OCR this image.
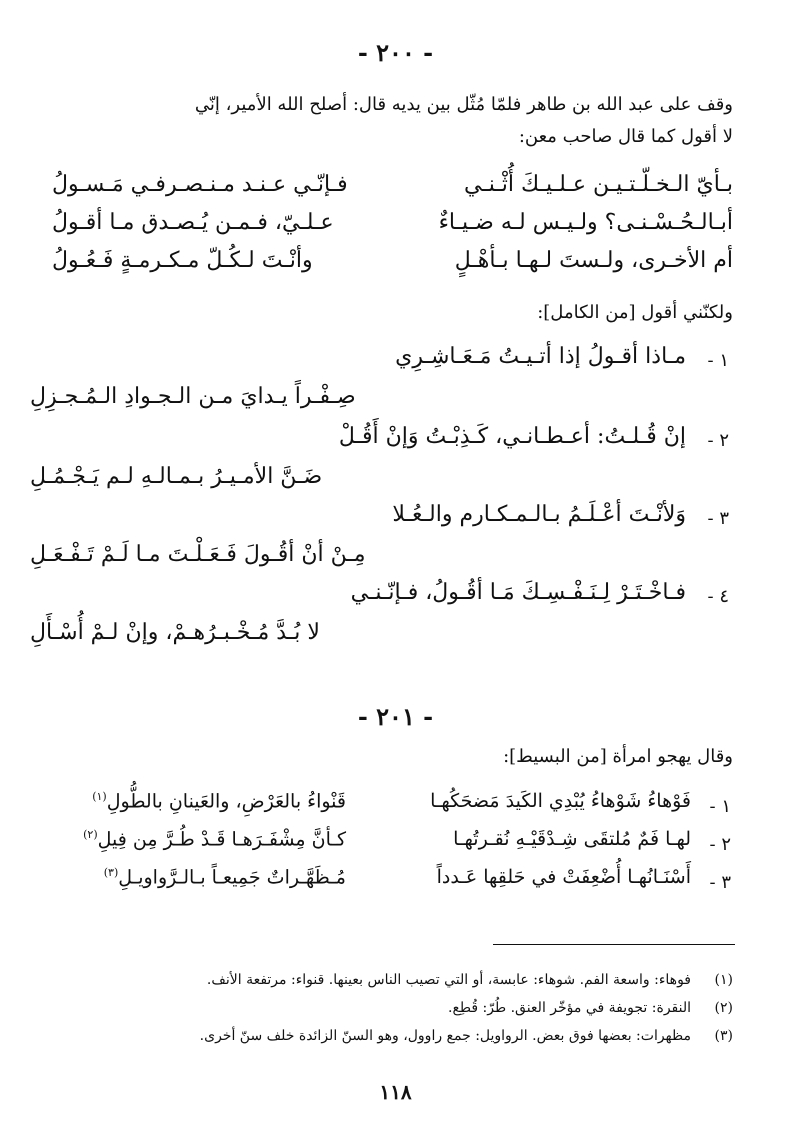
- ٢٠٠ -
وقف على عبد الله بن طاهر فلمّا مُثّل بين يديه قال: أصلح الله الأمير، إنّي
لا أقول كما قال صاحب معن:
بـأيّ الـخـلّـتـيـن عـلـيـكَ أُثْـنـي
فـإنّـي عـنـد مـنـصـرفـي مَـسـولُ
أبـالـحُـسْـنـى؟ ولـيـس لـه ضـيـاءٌ
عـلـيّ، فـمـن يُـصـدق مـا أقـولُ
أم الأخـرى، ولـستَ لـهـا بـأهْـلٍ
وأنْـتَ لـكُـلّ مـكـرمـةٍ فَـعُـولُ
ولكنّني أقول [من الكامل]:
١ -
مـاذا أقـولُ إذا أتـيـتُ مَـعَـاشِـرِي
صِـفْـراً يـدايَ مـن الـجـوادِ الـمُـجـزِلِ
٢ -
إنْ قُـلـتُ: أعـطـانـي، كَـذِبْـتُ وَإنْ أَقُـلْ
ضَـنَّ الأمـيـرُ بـمـالـهِ لـم يَـجْـمُـلِ
٣ -
وَلأنْـتَ أعْـلَـمُ بـالـمـكـارم والـعُـلا
مِـنْ أنْ أقُـولَ فَـعَـلْـتَ مـا لَـمْ تَـفْـعَـلِ
٤ -
فـاخْـتَـرْ لِـنَـفْـسِـكَ مَـا أقُـولُ، فـإنّـنـي
لا بُـدَّ مُـخْـبـرُهـمْ، وإنْ لـمْ أُسْـأَلِ
- ٢٠١ -
وقال يهجو امرأة [من البسيط]:
١ -
فَوْهاءُ شَوْهاءُ يُبْدِي الكَيدَ مَضحَكُهـا
قَنْواءُ بالعَرْضِ، والعَينانِ بالطُّولِ$^{(١)}$
٢ -
لهـا فَمٌ مُلتقَى شِـدْقَيْـهِ نُقـرتُهـا
كـأنَّ مِشْفَـرَهـا قَـدْ طُـرَّ مِن فِيلِ$^{(٢)}$
٣ -
أَسْنَـانُهـا أُضْعِفَتْ في حَلقِها عَـدداً
مُـظَهَّـراتٌ جَمِيعـاً بـالـرَّواويـلِ$^{(٣)}$
(١)
فوهاء: واسعة الفم. شوهاء: عابسة، أو التي تصيب الناس بعينها. قنواء: مرتفعة الأنف.
(٢)
النقرة: تجويفة في مؤخّر العنق. طُرّ: قُطِع.
(٣)
مظهرات: بعضها فوق بعض. الرواويل: جمع راوول، وهو السنّ الزائدة خلف سنّ أخرى.
١١٨
